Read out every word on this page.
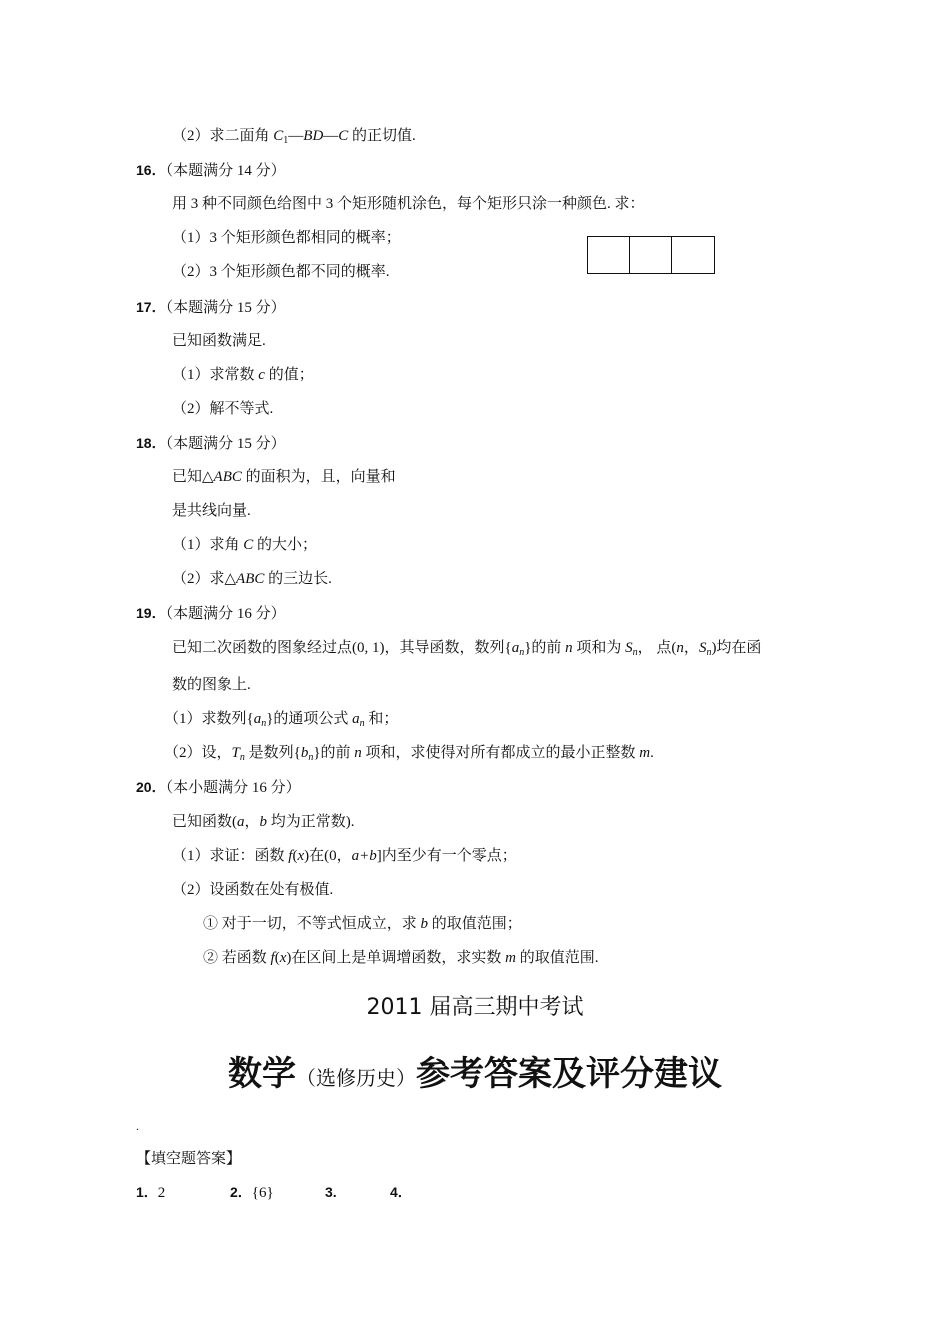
（2）求二面角 $C_1—BD—C$ 的正切值.
16．（本题满分 14 分）
用 3 种不同颜色给图中 3 个矩形随机涂色，每个矩形只涂一种颜色. 求：
（1）3 个矩形颜色都相同的概率；
（2）3 个矩形颜色都不同的概率.
17．（本题满分 15 分）
已知函数满足.
（1）求常数 c 的值；
（2）解不等式.
18．（本题满分 15 分）
已知△ABC 的面积为，且，向量和
是共线向量.
（1）求角 C 的大小；
（2）求△ABC 的三边长.
19．（本题满分 16 分）
已知二次函数的图象经过点(0, 1)，其导函数，数列$\{a_n\}$的前 n 项和为 $S_n$， 点(n，$S_n$)均在函
数的图象上.
（1）求数列$\{a_n\}$的通项公式 $a_n$ 和；
（2）设，$T_n$ 是数列$\{b_n\}$的前 n 项和，求使得对所有都成立的最小正整数 m.
20．（本小题满分 16 分）
已知函数(a，b 均为正常数).
（1）求证：函数 f(x)在(0，a+b]内至少有一个零点；
（2）设函数在处有极值.
① 对于一切，不等式恒成立，求 b 的取值范围；
② 若函数 f(x)在区间上是单调增函数，求实数 m 的取值范围.
2011 届高三期中考试
数学（选修历史）参考答案及评分建议
.
【填空题答案】
1．2	2．{6}	3.	4．
